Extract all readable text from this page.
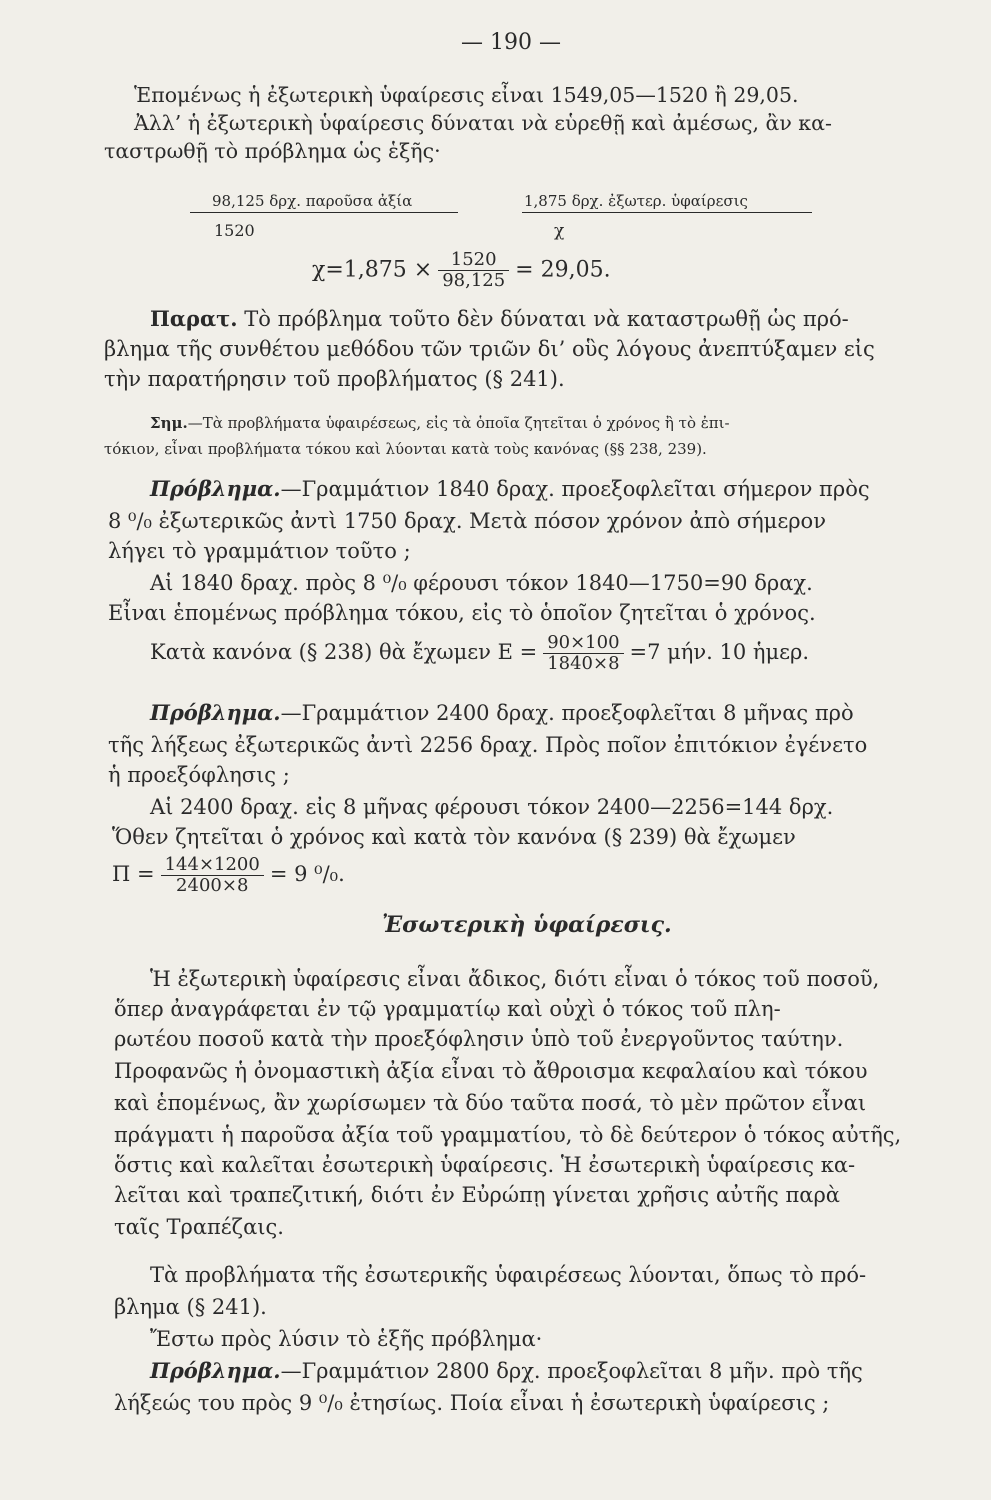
— 190 —
Ἑπομένως ἡ ἐξωτερικὴ ὑφαίρεσις εἶναι 1549,05—1520 ἢ 29,05.
Ἀλλ’ ἡ ἐξωτερικὴ ὑφαίρεσις δύναται νὰ εὑρεθῇ καὶ ἀμέσως, ἂν κα-
ταστρωθῇ τὸ πρόβλημα ὡς ἑξῆς·
98,125 δρχ. παροῦσα ἀξία
1520
1,875 δρχ. ἐξωτερ. ὑφαίρεσις
χ
$\chi=1,875 \times \frac{1520}{98,125} = 29,05$.
Παρατ. Τὸ πρόβλημα τοῦτο δὲν δύναται νὰ καταστρωθῇ ὡς πρό-
βλημα τῆς συνθέτου μεθόδου τῶν τριῶν δι’ οὓς λόγους ἀνεπτύξαμεν εἰς
τὴν παρατήρησιν τοῦ προβλήματος (§ 241).
Σημ.—Τὰ προβλήματα ὑφαιρέσεως, εἰς τὰ ὁποῖα ζητεῖται ὁ χρόνος ἢ τὸ ἐπι-
τόκιον, εἶναι προβλήματα τόκου καὶ λύονται κατὰ τοὺς κανόνας (§§ 238, 239).
Πρόβλημα.—Γραμμάτιον 1840 δραχ. προεξοφλεῖται σήμερον πρὸς
8 ⁰/₀ ἐξωτερικῶς ἀντὶ 1750 δραχ. Μετὰ πόσον χρόνον ἀπὸ σήμερον
λήγει τὸ γραμμάτιον τοῦτο ;
Αἱ 1840 δραχ. πρὸς 8 ⁰/₀ φέρουσι τόκον 1840—1750=90 δραχ.
Εἶναι ἑπομένως πρόβλημα τόκου, εἰς τὸ ὁποῖον ζητεῖται ὁ χρόνος.
Κατὰ κανόνα (§ 238) θὰ ἔχωμεν $E = \frac{90\times 100}{1840\times 8} =7$ μήν. 10 ἡμερ.
Πρόβλημα.—Γραμμάτιον 2400 δραχ. προεξοφλεῖται 8 μῆνας πρὸ
τῆς λήξεως ἐξωτερικῶς ἀντὶ 2256 δραχ. Πρὸς ποῖον ἐπιτόκιον ἐγένετο
ἡ προεξόφλησις ;
Αἱ 2400 δραχ. εἰς 8 μῆνας φέρουσι τόκον 2400—2256=144 δρχ.
Ὅθεν ζητεῖται ὁ χρόνος καὶ κατὰ τὸν κανόνα (§ 239) θὰ ἔχωμεν
$\Pi = \frac{144\times 1200}{2400\times 8} = 9$ ⁰/₀.
Ἐσωτερικὴ ὑφαίρεσις.
Ἡ ἐξωτερικὴ ὑφαίρεσις εἶναι ἄδικος, διότι εἶναι ὁ τόκος τοῦ ποσοῦ,
ὅπερ ἀναγράφεται ἐν τῷ γραμματίῳ καὶ οὐχὶ ὁ τόκος τοῦ πλη-
ρωτέου ποσοῦ κατὰ τὴν προεξόφλησιν ὑπὸ τοῦ ἐνεργοῦντος ταύτην.
Προφανῶς ἡ ὀνομαστικὴ ἀξία εἶναι τὸ ἄθροισμα κεφαλαίου καὶ τόκου
καὶ ἑπομένως, ἂν χωρίσωμεν τὰ δύο ταῦτα ποσά, τὸ μὲν πρῶτον εἶναι
πράγματι ἡ παροῦσα ἀξία τοῦ γραμματίου, τὸ δὲ δεύτερον ὁ τόκος αὐτῆς,
ὅστις καὶ καλεῖται ἐσωτερικὴ ὑφαίρεσις. Ἡ ἐσωτερικὴ ὑφαίρεσις κα-
λεῖται καὶ τραπεζιτική, διότι ἐν Εὐρώπῃ γίνεται χρῆσις αὐτῆς παρὰ
ταῖς Τραπέζαις.
Τὰ προβλήματα τῆς ἐσωτερικῆς ὑφαιρέσεως λύονται, ὅπως τὸ πρό-
βλημα (§ 241).
Ἔστω πρὸς λύσιν τὸ ἑξῆς πρόβλημα·
Πρόβλημα.—Γραμμάτιον 2800 δρχ. προεξοφλεῖται 8 μῆν. πρὸ τῆς
λήξεώς του πρὸς 9 ⁰/₀ ἐτησίως. Ποία εἶναι ἡ ἐσωτερικὴ ὑφαίρεσις ;
